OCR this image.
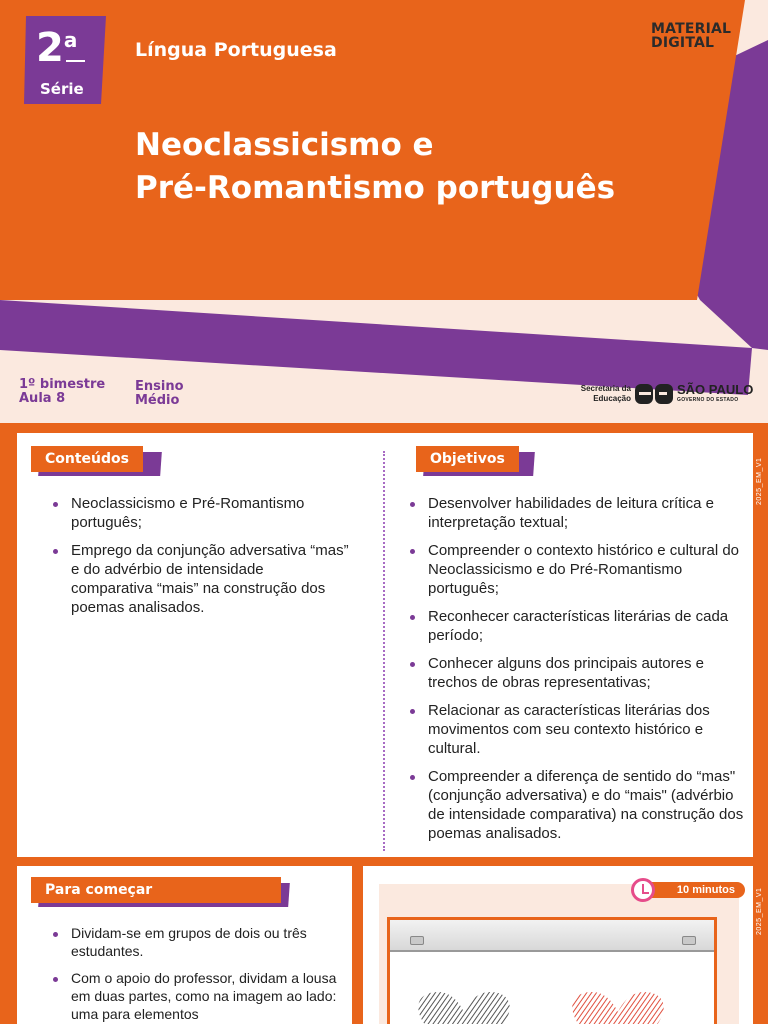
2$^a$
Série
Língua Portuguesa
Neoclassicismo e
Pré-Romantismo português
MATERIAL
DIGITAL
1º bimestre
Aula 8
Ensino
Médio
Secretaria da
Educação
SÃO PAULO
GOVERNO DO ESTADO
Conteúdos
Neoclassicismo e Pré-Romantismo português;
Emprego da conjunção adversativa “mas” e do advérbio de intensidade comparativa “mais” na construção dos poemas analisados.
Objetivos
Desenvolver habilidades de leitura crítica e interpretação textual;
Compreender o contexto histórico e cultural do Neoclassicismo e do Pré-Romantismo português;
Reconhecer características literárias de cada período;
Conhecer alguns dos principais autores e trechos de obras representativas;
Relacionar as características literárias dos movimentos com seu contexto histórico e cultural.
Compreender a diferença de sentido do “mas" (conjunção adversativa) e do “mais" (advérbio de intensidade comparativa) na construção dos poemas analisados.
2025_EM_V1
Para começar
Dividam-se em grupos de dois ou três estudantes.
Com o apoio do professor, dividam a lousa em duas partes, como na imagem ao lado: uma para elementos
10 minutos	2025_EM_V1
